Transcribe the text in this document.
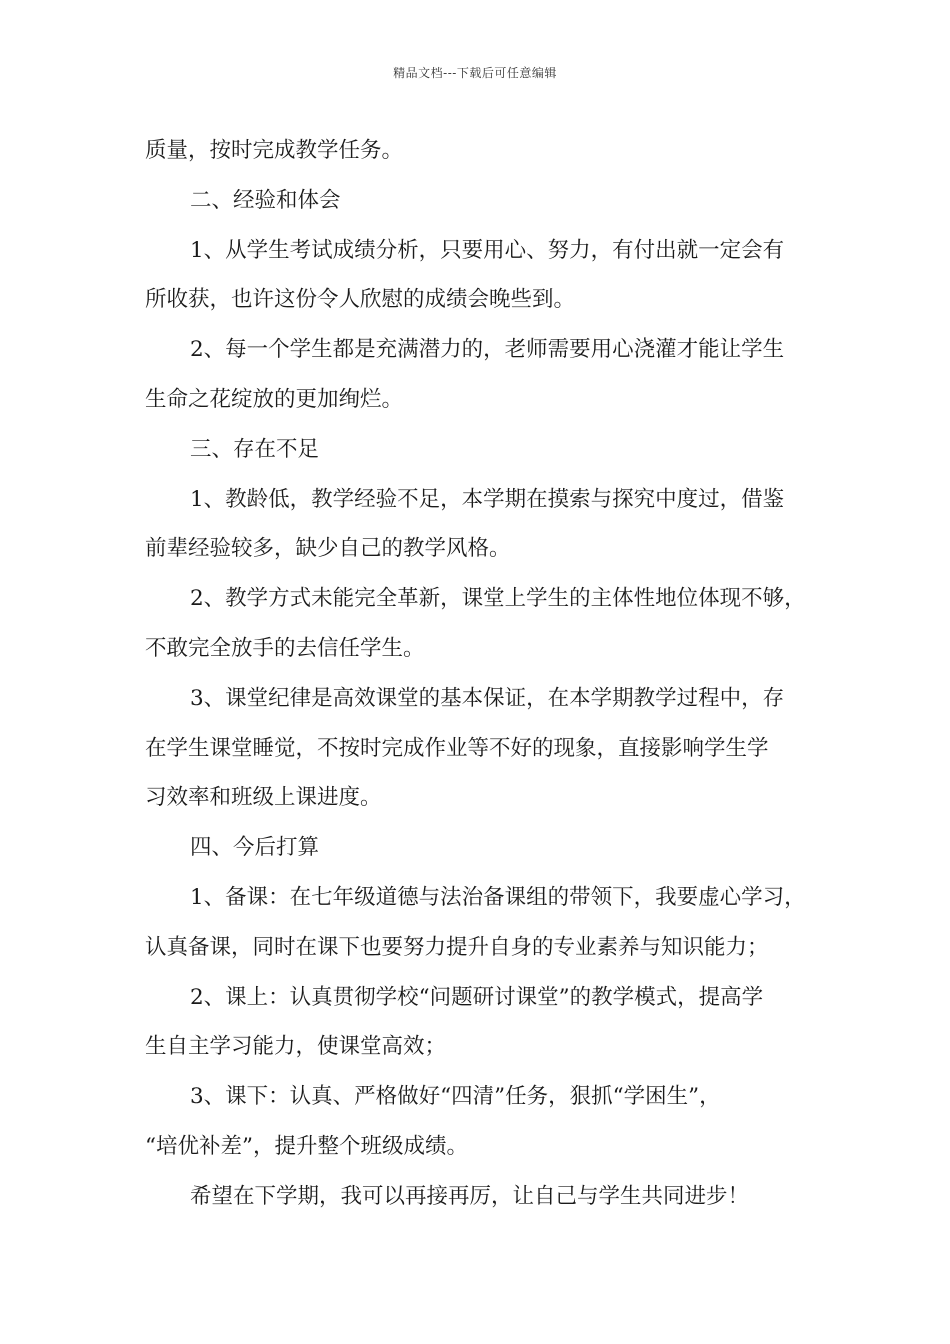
精品文档---下载后可任意编辑
质量，按时完成教学任务。
二、经验和体会
1、从学生考试成绩分析，只要用心、努力，有付出就一定会有
所收获，也许这份令人欣慰的成绩会晚些到。
2、每一个学生都是充满潜力的，老师需要用心浇灌才能让学生
生命之花绽放的更加绚烂。
三、存在不足
1、教龄低，教学经验不足，本学期在摸索与探究中度过，借鉴
前辈经验较多，缺少自己的教学风格。
2、教学方式未能完全革新，课堂上学生的主体性地位体现不够，
不敢完全放手的去信任学生。
3、课堂纪律是高效课堂的基本保证，在本学期教学过程中，存
在学生课堂睡觉，不按时完成作业等不好的现象，直接影响学生学
习效率和班级上课进度。
四、今后打算
1、备课：在七年级道德与法治备课组的带领下，我要虚心学习，
认真备课，同时在课下也要努力提升自身的专业素养与知识能力；
2、课上：认真贯彻学校“问题研讨课堂”的教学模式，提高学
生自主学习能力，使课堂高效；
3、课下：认真、严格做好“四清”任务，狠抓“学困生”，
“培优补差”，提升整个班级成绩。
希望在下学期，我可以再接再厉，让自己与学生共同进步！
